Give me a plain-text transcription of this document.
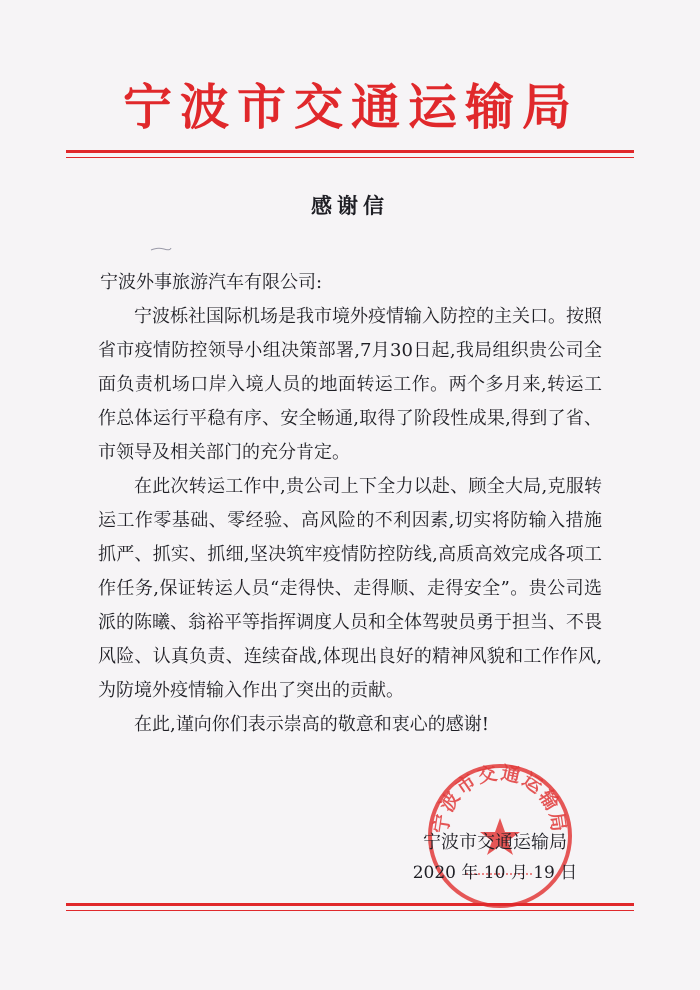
宁波市交通运输局
感谢信
宁波外事旅游汽车有限公司:

宁波栎社国际机场是我市境外疫情输入防控的主关口。按照省市疫情防控领导小组决策部署,7月30日起,我局组织贵公司全面负责机场口岸入境人员的地面转运工作。两个多月来,转运工作总体运行平稳有序、安全畅通,取得了阶段性成果,得到了省、市领导及相关部门的充分肯定。

在此次转运工作中,贵公司上下全力以赴、顾全大局,克服转运工作零基础、零经验、高风险的不利因素,切实将防输入措施抓严、抓实、抓细,坚决筑牢疫情防控防线,高质高效完成各项工作任务,保证转运人员“走得快、走得顺、走得安全”。贵公司选派的陈曦、翁裕平等指挥调度人员和全体驾驶员勇于担当、不畏风险、认真负责、连续奋战,体现出良好的精神风貌和工作作风,为防境外疫情输入作出了突出的贡献。

在此,谨向你们表示崇高的敬意和衷心的感谢!

宁波市交通运输局
宁波市交通运输局
2020 年 10 月 19 日
